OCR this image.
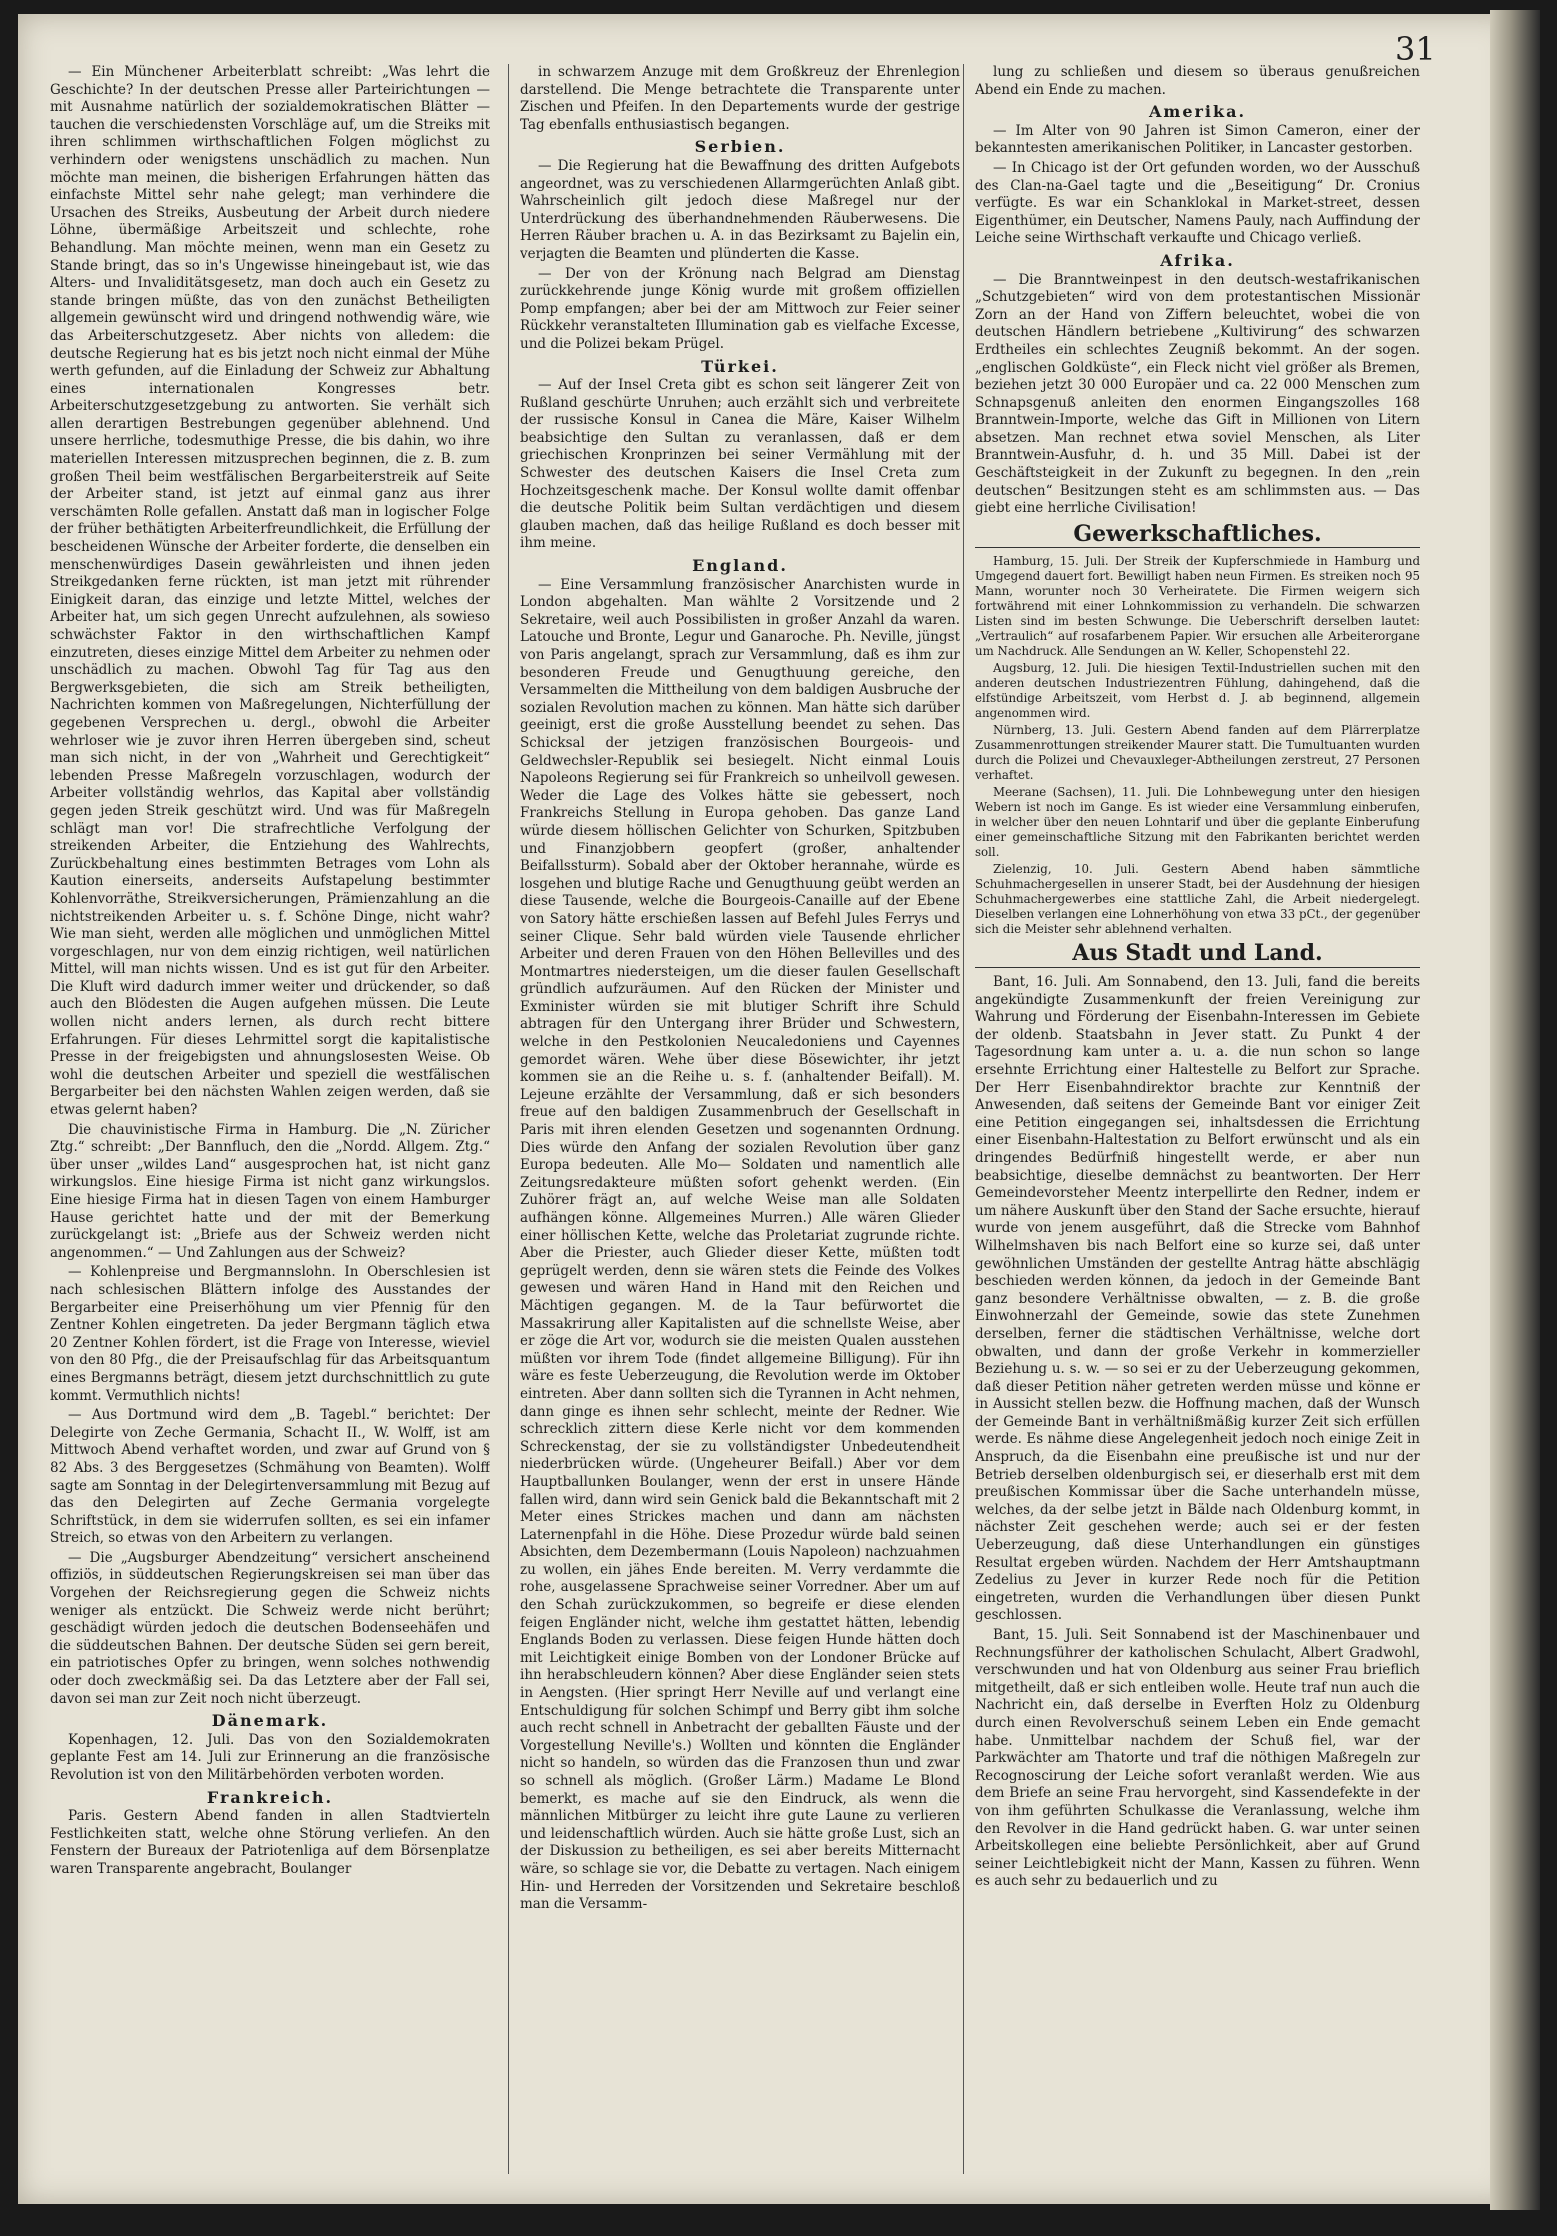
31

— Ein Münchener Arbeiterblatt schreibt: „Was lehrt die Geschichte? In der deutschen Presse aller Parteirichtungen — mit Ausnahme natürlich der sozialdemokratischen Blätter — tauchen die verschiedensten Vorschläge auf, um die Streiks mit ihren schlimmen wirthschaftlichen Folgen möglichst zu verhindern oder wenigstens unschädlich zu machen. Nun möchte man meinen, die bisherigen Erfahrungen hätten das einfachste Mittel sehr nahe gelegt; man verhindere die Ursachen des Streiks, Ausbeutung der Arbeit durch niedere Löhne, übermäßige Arbeitszeit und schlechte, rohe Behandlung. Man möchte meinen, wenn man ein Gesetz zu Stande bringt, das so in's Ungewisse hineingebaut ist, wie das Alters- und Invaliditätsgesetz, man doch auch ein Gesetz zu stande bringen müßte, das von den zunächst Betheiligten allgemein gewünscht wird und dringend nothwendig wäre, wie das Arbeiterschutzgesetz. Aber nichts von alledem: die deutsche Regierung hat es bis jetzt noch nicht einmal der Mühe werth gefunden, auf die Einladung der Schweiz zur Abhaltung eines internationalen Kongresses betr. Arbeiterschutzgesetzgebung zu antworten. Sie verhält sich allen derartigen Bestrebungen gegenüber ablehnend. Und unsere herrliche, todesmuthige Presse, die bis dahin, wo ihre materiellen Interessen mitzusprechen beginnen, die z. B. zum großen Theil beim westfälischen Bergarbeiterstreik auf Seite der Arbeiter stand, ist jetzt auf einmal ganz aus ihrer verschämten Rolle gefallen. Anstatt daß man in logischer Folge der früher bethätigten Arbeiterfreundlichkeit, die Erfüllung der bescheidenen Wünsche der Arbeiter forderte, die denselben ein menschenwürdiges Dasein gewährleisten und ihnen jeden Streikgedanken ferne rückten, ist man jetzt mit rührender Einigkeit daran, das einzige und letzte Mittel, welches der Arbeiter hat, um sich gegen Unrecht aufzulehnen, als sowieso schwächster Faktor in den wirthschaftlichen Kampf einzutreten, dieses einzige Mittel dem Arbeiter zu nehmen oder unschädlich zu machen. Obwohl Tag für Tag aus den Bergwerksgebieten, die sich am Streik betheiligten, Nachrichten kommen von Maßregelungen, Nichterfüllung der gegebenen Versprechen u. dergl., obwohl die Arbeiter wehrloser wie je zuvor ihren Herren übergeben sind, scheut man sich nicht, in der von „Wahrheit und Gerechtigkeit“ lebenden Presse Maßregeln vorzuschlagen, wodurch der Arbeiter vollständig wehrlos, das Kapital aber vollständig gegen jeden Streik geschützt wird. Und was für Maßregeln schlägt man vor! Die strafrechtliche Verfolgung der streikenden Arbeiter, die Entziehung des Wahlrechts, Zurückbehaltung eines bestimmten Betrages vom Lohn als Kaution einerseits, anderseits Aufstapelung bestimmter Kohlenvorräthe, Streikversicherungen, Prämienzahlung an die nichtstreikenden Arbeiter u. s. f. Schöne Dinge, nicht wahr? Wie man sieht, werden alle möglichen und unmöglichen Mittel vorgeschlagen, nur von dem einzig richtigen, weil natürlichen Mittel, will man nichts wissen. Und es ist gut für den Arbeiter. Die Kluft wird dadurch immer weiter und drückender, so daß auch den Blödesten die Augen aufgehen müssen. Die Leute wollen nicht anders lernen, als durch recht bittere Erfahrungen. Für dieses Lehrmittel sorgt die kapitalistische Presse in der freigebigsten und ahnungslosesten Weise. Ob wohl die deutschen Arbeiter und speziell die westfälischen Bergarbeiter bei den nächsten Wahlen zeigen werden, daß sie etwas gelernt haben?

Die chauvinistische Firma in Hamburg. Die „N. Züricher Ztg.“ schreibt: „Der Bannfluch, den die „Nordd. Allgem. Ztg.“ über unser „wildes Land“ ausgesprochen hat, ist nicht ganz wirkungslos. Eine hiesige Firma ist nicht ganz wirkungslos. Eine hiesige Firma hat in diesen Tagen von einem Hamburger Hause gerichtet hatte und der mit der Bemerkung zurückgelangt ist: „Briefe aus der Schweiz werden nicht angenommen.“ — Und Zahlungen aus der Schweiz?

— Kohlenpreise und Bergmannslohn. In Oberschlesien ist nach schlesischen Blättern infolge des Ausstandes der Bergarbeiter eine Preiserhöhung um vier Pfennig für den Zentner Kohlen eingetreten. Da jeder Bergmann täglich etwa 20 Zentner Kohlen fördert, ist die Frage von Interesse, wieviel von den 80 Pfg., die der Preisaufschlag für das Arbeitsquantum eines Bergmanns beträgt, diesem jetzt durchschnittlich zu gute kommt. Vermuthlich nichts!

— Aus Dortmund wird dem „B. Tagebl.“ berichtet: Der Delegirte von Zeche Germania, Schacht II., W. Wolff, ist am Mittwoch Abend verhaftet worden, und zwar auf Grund von § 82 Abs. 3 des Berggesetzes (Schmähung von Beamten). Wolff sagte am Sonntag in der Delegirtenversammlung mit Bezug auf das den Delegirten auf Zeche Germania vorgelegte Schriftstück, in dem sie widerrufen sollten, es sei ein infamer Streich, so etwas von den Arbeitern zu verlangen.

— Die „Augsburger Abendzeitung“ versichert anscheinend offiziös, in süddeutschen Regierungskreisen sei man über das Vorgehen der Reichsregierung gegen die Schweiz nichts weniger als entzückt. Die Schweiz werde nicht berührt; geschädigt würden jedoch die deutschen Bodenseehäfen und die süddeutschen Bahnen. Der deutsche Süden sei gern bereit, ein patriotisches Opfer zu bringen, wenn solches nothwendig oder doch zweckmäßig sei. Da das Letztere aber der Fall sei, davon sei man zur Zeit noch nicht überzeugt.

Dänemark.

Kopenhagen, 12. Juli. Das von den Sozialdemokraten geplante Fest am 14. Juli zur Erinnerung an die französische Revolution ist von den Militärbehörden verboten worden.

Frankreich.

Paris. Gestern Abend fanden in allen Stadtvierteln Festlichkeiten statt, welche ohne Störung verliefen. An den Fenstern der Bureaux der Patriotenliga auf dem Börsenplatze waren Transparente angebracht, Boulanger

in schwarzem Anzuge mit dem Großkreuz der Ehrenlegion darstellend. Die Menge betrachtete die Transparente unter Zischen und Pfeifen. In den Departements wurde der gestrige Tag ebenfalls enthusiastisch begangen.

Serbien.

— Die Regierung hat die Bewaffnung des dritten Aufgebots angeordnet, was zu verschiedenen Allarmgerüchten Anlaß gibt. Wahrscheinlich gilt jedoch diese Maßregel nur der Unterdrückung des überhandnehmenden Räuberwesens. Die Herren Räuber brachen u. A. in das Bezirksamt zu Bajelin ein, verjagten die Beamten und plünderten die Kasse.

— Der von der Krönung nach Belgrad am Dienstag zurückkehrende junge König wurde mit großem offiziellen Pomp empfangen; aber bei der am Mittwoch zur Feier seiner Rückkehr veranstalteten Illumination gab es vielfache Excesse, und die Polizei bekam Prügel.

Türkei.

— Auf der Insel Creta gibt es schon seit längerer Zeit von Rußland geschürte Unruhen; auch erzählt sich und verbreitete der russische Konsul in Canea die Märe, Kaiser Wilhelm beabsichtige den Sultan zu veranlassen, daß er dem griechischen Kronprinzen bei seiner Vermählung mit der Schwester des deutschen Kaisers die Insel Creta zum Hochzeitsgeschenk mache. Der Konsul wollte damit offenbar die deutsche Politik beim Sultan verdächtigen und diesem glauben machen, daß das heilige Rußland es doch besser mit ihm meine.

England.

— Eine Versammlung französischer Anarchisten wurde in London abgehalten. Man wählte 2 Vorsitzende und 2 Sekretaire, weil auch Possibilisten in großer Anzahl da waren. Latouche und Bronte, Legur und Ganaroche. Ph. Neville, jüngst von Paris angelangt, sprach zur Versammlung, daß es ihm zur besonderen Freude und Genugthuung gereiche, den Versammelten die Mittheilung von dem baldigen Ausbruche der sozialen Revolution machen zu können. Man hätte sich darüber geeinigt, erst die große Ausstellung beendet zu sehen. Das Schicksal der jetzigen französischen Bourgeois- und Geldwechsler-Republik sei besiegelt. Nicht einmal Louis Napoleons Regierung sei für Frankreich so unheilvoll gewesen. Weder die Lage des Volkes hätte sie gebessert, noch Frankreichs Stellung in Europa gehoben. Das ganze Land würde diesem höllischen Gelichter von Schurken, Spitzbuben und Finanzjobbern geopfert (großer, anhaltender Beifallssturm). Sobald aber der Oktober herannahe, würde es losgehen und blutige Rache und Genugthuung geübt werden an diese Tausende, welche die Bourgeois-Canaille auf der Ebene von Satory hätte erschießen lassen auf Befehl Jules Ferrys und seiner Clique. Sehr bald würden viele Tausende ehrlicher Arbeiter und deren Frauen von den Höhen Bellevilles und des Montmartres niedersteigen, um die dieser faulen Gesellschaft gründlich aufzuräumen. Auf den Rücken der Minister und Exminister würden sie mit blutiger Schrift ihre Schuld abtragen für den Untergang ihrer Brüder und Schwestern, welche in den Pestkolonien Neucaledoniens und Cayennes gemordet wären. Wehe über diese Bösewichter, ihr jetzt kommen sie an die Reihe u. s. f. (anhaltender Beifall). M. Lejeune erzählte der Versammlung, daß er sich besonders freue auf den baldigen Zusammenbruch der Gesellschaft in Paris mit ihren elenden Gesetzen und sogenannten Ordnung. Dies würde den Anfang der sozialen Revolution über ganz Europa bedeuten. Alle Mo— Soldaten und namentlich alle Zeitungsredakteure müßten sofort gehenkt werden. (Ein Zuhörer frägt an, auf welche Weise man alle Soldaten aufhängen könne. Allgemeines Murren.) Alle wären Glieder einer höllischen Kette, welche das Proletariat zugrunde richte. Aber die Priester, auch Glieder dieser Kette, müßten todt geprügelt werden, denn sie wären stets die Feinde des Volkes gewesen und wären Hand in Hand mit den Reichen und Mächtigen gegangen. M. de la Taur befürwortet die Massakrirung aller Kapitalisten auf die schnellste Weise, aber er zöge die Art vor, wodurch sie die meisten Qualen ausstehen müßten vor ihrem Tode (findet allgemeine Billigung). Für ihn wäre es feste Ueberzeugung, die Revolution werde im Oktober eintreten. Aber dann sollten sich die Tyrannen in Acht nehmen, dann ginge es ihnen sehr schlecht, meinte der Redner. Wie schrecklich zittern diese Kerle nicht vor dem kommenden Schreckenstag, der sie zu vollständigster Unbedeutendheit niederbrücken würde. (Ungeheurer Beifall.) Aber vor dem Hauptballunken Boulanger, wenn der erst in unsere Hände fallen wird, dann wird sein Genick bald die Bekanntschaft mit 2 Meter eines Strickes machen und dann am nächsten Laternenpfahl in die Höhe. Diese Prozedur würde bald seinen Absichten, dem Dezembermann (Louis Napoleon) nachzuahmen zu wollen, ein jähes Ende bereiten. M. Verry verdammte die rohe, ausgelassene Sprachweise seiner Vorredner. Aber um auf den Schah zurückzukommen, so begreife er diese elenden feigen Engländer nicht, welche ihm gestattet hätten, lebendig Englands Boden zu verlassen. Diese feigen Hunde hätten doch mit Leichtigkeit einige Bomben von der Londoner Brücke auf ihn herabschleudern können? Aber diese Engländer seien stets in Aengsten. (Hier springt Herr Neville auf und verlangt eine Entschuldigung für solchen Schimpf und Berry gibt ihm solche auch recht schnell in Anbetracht der geballten Fäuste und der Vorgestellung Neville's.) Wollten und könnten die Engländer nicht so handeln, so würden das die Franzosen thun und zwar so schnell als möglich. (Großer Lärm.) Madame Le Blond bemerkt, es mache auf sie den Eindruck, als wenn die männlichen Mitbürger zu leicht ihre gute Laune zu verlieren und leidenschaftlich würden. Auch sie hätte große Lust, sich an der Diskussion zu betheiligen, es sei aber bereits Mitternacht wäre, so schlage sie vor, die Debatte zu vertagen. Nach einigem Hin- und Herreden der Vorsitzenden und Sekretaire beschloß man die Versamm-

lung zu schließen und diesem so überaus genußreichen Abend ein Ende zu machen.

Amerika.

— Im Alter von 90 Jahren ist Simon Cameron, einer der bekanntesten amerikanischen Politiker, in Lancaster gestorben.

— In Chicago ist der Ort gefunden worden, wo der Ausschuß des Clan-na-Gael tagte und die „Beseitigung“ Dr. Cronius verfügte. Es war ein Schanklokal in Market-street, dessen Eigenthümer, ein Deutscher, Namens Pauly, nach Auffindung der Leiche seine Wirthschaft verkaufte und Chicago verließ.

Afrika.

— Die Branntweinpest in den deutsch-westafrikanischen „Schutzgebieten“ wird von dem protestantischen Missionär Zorn an der Hand von Ziffern beleuchtet, wobei die von deutschen Händlern betriebene „Kultivirung“ des schwarzen Erdtheiles ein schlechtes Zeugniß bekommt. An der sogen. „englischen Goldküste“, ein Fleck nicht viel größer als Bremen, beziehen jetzt 30 000 Europäer und ca. 22 000 Menschen zum Schnapsgenuß anleiten den enormen Eingangszolles 168 Branntwein-Importe, welche das Gift in Millionen von Litern absetzen. Man rechnet etwa soviel Menschen, als Liter Branntwein-Ausfuhr, d. h. und 35 Mill. Dabei ist der Geschäftsteigkeit in der Zukunft zu begegnen. In den „rein deutschen“ Besitzungen steht es am schlimmsten aus. — Das giebt eine herrliche Civilisation!

Gewerkschaftliches.

Hamburg, 15. Juli. Der Streik der Kupferschmiede in Hamburg und Umgegend dauert fort. Bewilligt haben neun Firmen. Es streiken noch 95 Mann, worunter noch 30 Verheiratete. Die Firmen weigern sich fortwährend mit einer Lohnkommission zu verhandeln. Die schwarzen Listen sind im besten Schwunge. Die Ueberschrift derselben lautet: „Vertraulich“ auf rosafarbenem Papier. Wir ersuchen alle Arbeiterorgane um Nachdruck. Alle Sendungen an W. Keller, Schopenstehl 22.

Augsburg, 12. Juli. Die hiesigen Textil-Industriellen suchen mit den anderen deutschen Industriezentren Fühlung, dahingehend, daß die elfstündige Arbeitszeit, vom Herbst d. J. ab beginnend, allgemein angenommen wird.

Nürnberg, 13. Juli. Gestern Abend fanden auf dem Plärrerplatze Zusammenrottungen streikender Maurer statt. Die Tumultuanten wurden durch die Polizei und Chevauxleger-Abtheilungen zerstreut, 27 Personen verhaftet.

Meerane (Sachsen), 11. Juli. Die Lohnbewegung unter den hiesigen Webern ist noch im Gange. Es ist wieder eine Versammlung einberufen, in welcher über den neuen Lohntarif und über die geplante Einberufung einer gemeinschaftliche Sitzung mit den Fabrikanten berichtet werden soll.

Zielenzig, 10. Juli. Gestern Abend haben sämmtliche Schuhmachergesellen in unserer Stadt, bei der Ausdehnung der hiesigen Schuhmachergewerbes eine stattliche Zahl, die Arbeit niedergelegt. Dieselben verlangen eine Lohnerhöhung von etwa 33 pCt., der gegenüber sich die Meister sehr ablehnend verhalten.

Aus Stadt und Land.

Bant, 16. Juli. Am Sonnabend, den 13. Juli, fand die bereits angekündigte Zusammenkunft der freien Vereinigung zur Wahrung und Förderung der Eisenbahn-Interessen im Gebiete der oldenb. Staatsbahn in Jever statt. Zu Punkt 4 der Tagesordnung kam unter a. u. a. die nun schon so lange ersehnte Errichtung einer Haltestelle zu Belfort zur Sprache. Der Herr Eisenbahndirektor brachte zur Kenntniß der Anwesenden, daß seitens der Gemeinde Bant vor einiger Zeit eine Petition eingegangen sei, inhaltsdessen die Errichtung einer Eisenbahn-Haltestation zu Belfort erwünscht und als ein dringendes Bedürfniß hingestellt werde, er aber nun beabsichtige, dieselbe demnächst zu beantworten. Der Herr Gemeindevorsteher Meentz interpellirte den Redner, indem er um nähere Auskunft über den Stand der Sache ersuchte, hierauf wurde von jenem ausgeführt, daß die Strecke vom Bahnhof Wilhelmshaven bis nach Belfort eine so kurze sei, daß unter gewöhnlichen Umständen der gestellte Antrag hätte abschlägig beschieden werden können, da jedoch in der Gemeinde Bant ganz besondere Verhältnisse obwalten, — z. B. die große Einwohnerzahl der Gemeinde, sowie das stete Zunehmen derselben, ferner die städtischen Verhältnisse, welche dort obwalten, und dann der große Verkehr in kommerzieller Beziehung u. s. w. — so sei er zu der Ueberzeugung gekommen, daß dieser Petition näher getreten werden müsse und könne er in Aussicht stellen bezw. die Hoffnung machen, daß der Wunsch der Gemeinde Bant in verhältnißmäßig kurzer Zeit sich erfüllen werde. Es nähme diese Angelegenheit jedoch noch einige Zeit in Anspruch, da die Eisenbahn eine preußische ist und nur der Betrieb derselben oldenburgisch sei, er dieserhalb erst mit dem preußischen Kommissar über die Sache unterhandeln müsse, welches, da der selbe jetzt in Bälde nach Oldenburg kommt, in nächster Zeit geschehen werde; auch sei er der festen Ueberzeugung, daß diese Unterhandlungen ein günstiges Resultat ergeben würden. Nachdem der Herr Amtshauptmann Zedelius zu Jever in kurzer Rede noch für die Petition eingetreten, wurden die Verhandlungen über diesen Punkt geschlossen.

Bant, 15. Juli. Seit Sonnabend ist der Maschinenbauer und Rechnungsführer der katholischen Schulacht, Albert Gradwohl, verschwunden und hat von Oldenburg aus seiner Frau brieflich mitgetheilt, daß er sich entleiben wolle. Heute traf nun auch die Nachricht ein, daß derselbe in Everften Holz zu Oldenburg durch einen Revolverschuß seinem Leben ein Ende gemacht habe. Unmittelbar nachdem der Schuß fiel, war der Parkwächter am Thatorte und traf die nöthigen Maßregeln zur Recognoscirung der Leiche sofort veranlaßt werden. Wie aus dem Briefe an seine Frau hervorgeht, sind Kassendefekte in der von ihm geführten Schulkasse die Veranlassung, welche ihm den Revolver in die Hand gedrückt haben. G. war unter seinen Arbeitskollegen eine beliebte Persönlichkeit, aber auf Grund seiner Leichtlebigkeit nicht der Mann, Kassen zu führen. Wenn es auch sehr zu bedauerlich und zu
